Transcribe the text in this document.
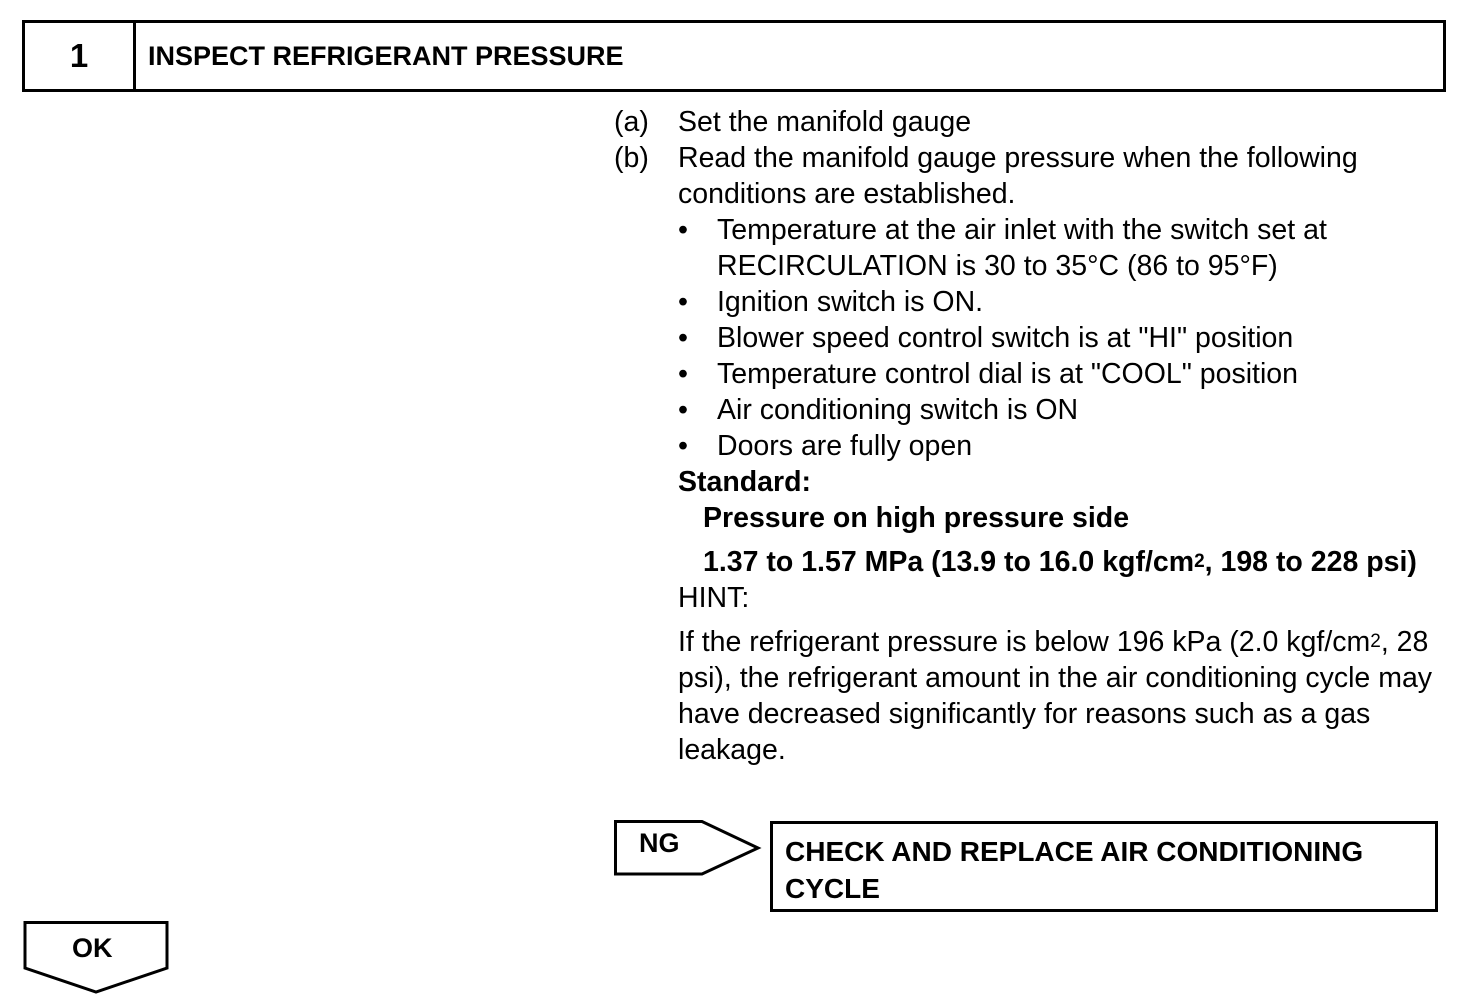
1	INSPECT REFRIGERANT PRESSURE
(a)	Set the manifold gauge
(b)	Read the manifold gauge pressure when the following conditions are established.
•	Temperature at the air inlet with the switch set at RECIRCULATION is 30 to 35°C (86 to 95°F)
•	Ignition switch is ON.
•	Blower speed control switch is at "HI" position
•	Temperature control dial is at "COOL" position
•	Air conditioning switch is ON
•	Doors are fully open
Standard:
Pressure on high pressure side
1.37 to 1.57 MPa (13.9 to 16.0 kgf/$cm^2$, 198 to 228 psi)
HINT:
If the refrigerant pressure is below 196 kPa (2.0 kgf/$cm^2$, 28 psi), the refrigerant amount in the air conditioning cycle may have decreased significantly for reasons such as a gas leakage.
NG	CHECK AND REPLACE AIR CONDITIONING CYCLE
OK
